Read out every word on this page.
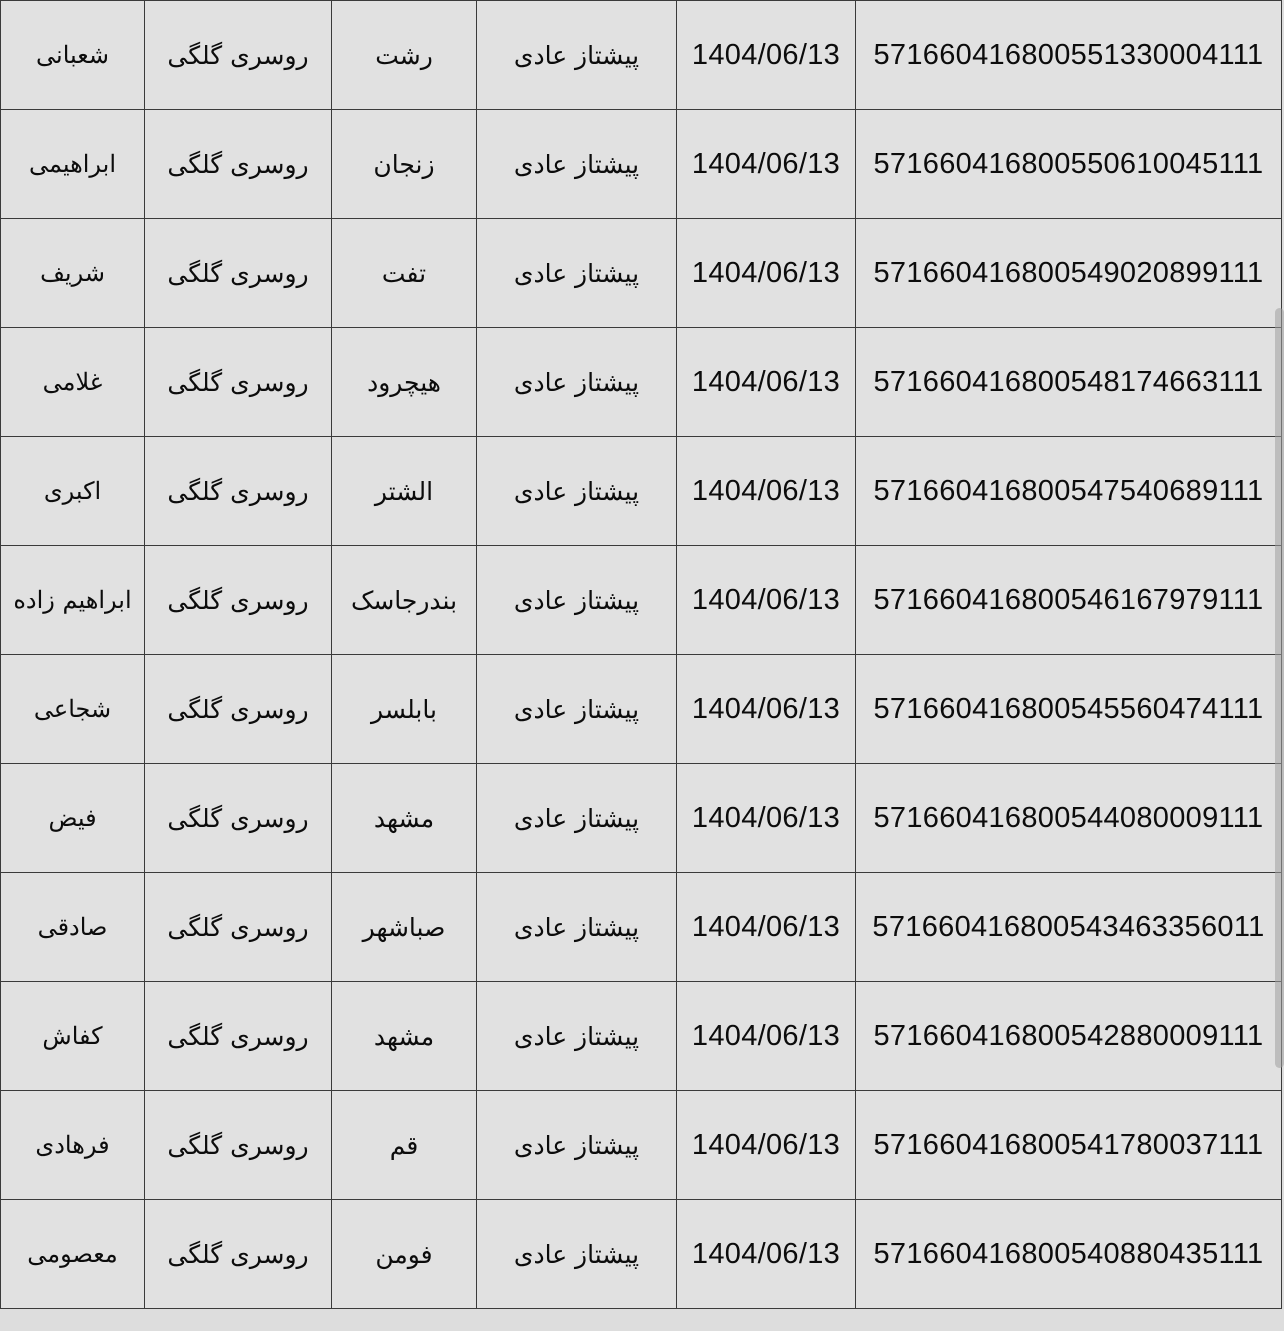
شعبانی	روسری گلگی	رشت	پیشتاز عادی	1404/06/13	571660416800551330004111
ابراهیمی	روسری گلگی	زنجان	پیشتاز عادی	1404/06/13	571660416800550610045111
شریف	روسری گلگی	تفت	پیشتاز عادی	1404/06/13	571660416800549020899111
غلامی	روسری گلگی	هیچرود	پیشتاز عادی	1404/06/13	571660416800548174663111
اکبری	روسری گلگی	الشتر	پیشتاز عادی	1404/06/13	571660416800547540689111
ابراهیم زاده	روسری گلگی	بندرجاسک	پیشتاز عادی	1404/06/13	571660416800546167979111
شجاعی	روسری گلگی	بابلسر	پیشتاز عادی	1404/06/13	571660416800545560474111
فیض	روسری گلگی	مشهد	پیشتاز عادی	1404/06/13	571660416800544080009111
صادقی	روسری گلگی	صباشهر	پیشتاز عادی	1404/06/13	571660416800543463356011
کفاش	روسری گلگی	مشهد	پیشتاز عادی	1404/06/13	571660416800542880009111
فرهادی	روسری گلگی	قم	پیشتاز عادی	1404/06/13	571660416800541780037111
معصومی	روسری گلگی	فومن	پیشتاز عادی	1404/06/13	571660416800540880435111
